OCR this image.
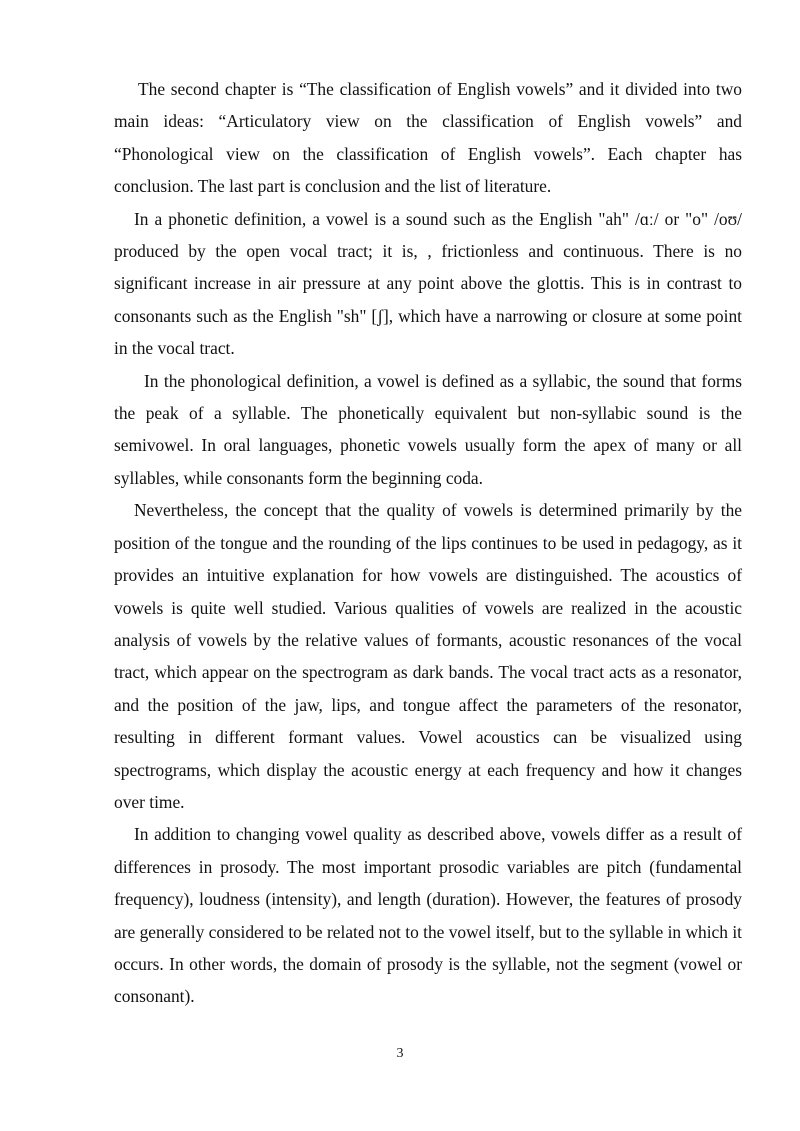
The second chapter is “The classification of English vowels” and it divided into two main ideas: “Articulatory view on the classification of English vowels” and “Phonological view on the classification of English vowels”. Each chapter has conclusion. The last part is conclusion and the list of literature.

In a phonetic definition, a vowel is a sound such as the English "ah" /ɑː/ or "o" /oʊ/ produced by the open vocal tract; it is, , frictionless and continuous. There is no significant increase in air pressure at any point above the glottis. This is in contrast to consonants such as the English "sh" [ʃ], which have a narrowing or closure at some point in the vocal tract.

In the phonological definition, a vowel is defined as a syllabic, the sound that forms the peak of a syllable. The phonetically equivalent but non-syllabic sound is the semivowel. In oral languages, phonetic vowels usually form the apex of many or all syllables, while consonants form the beginning coda.

Nevertheless, the concept that the quality of vowels is determined primarily by the position of the tongue and the rounding of the lips continues to be used in pedagogy, as it provides an intuitive explanation for how vowels are distinguished. The acoustics of vowels is quite well studied. Various qualities of vowels are realized in the acoustic analysis of vowels by the relative values of formants, acoustic resonances of the vocal tract, which appear on the spectrogram as dark bands. The vocal tract acts as a resonator, and the position of the jaw, lips, and tongue affect the parameters of the resonator, resulting in different formant values. Vowel acoustics can be visualized using spectrograms, which display the acoustic energy at each frequency and how it changes over time.

In addition to changing vowel quality as described above, vowels differ as a result of differences in prosody. The most important prosodic variables are pitch (fundamental frequency), loudness (intensity), and length (duration). However, the features of prosody are generally considered to be related not to the vowel itself, but to the syllable in which it occurs. In other words, the domain of prosody is the syllable, not the segment (vowel or consonant).

3
